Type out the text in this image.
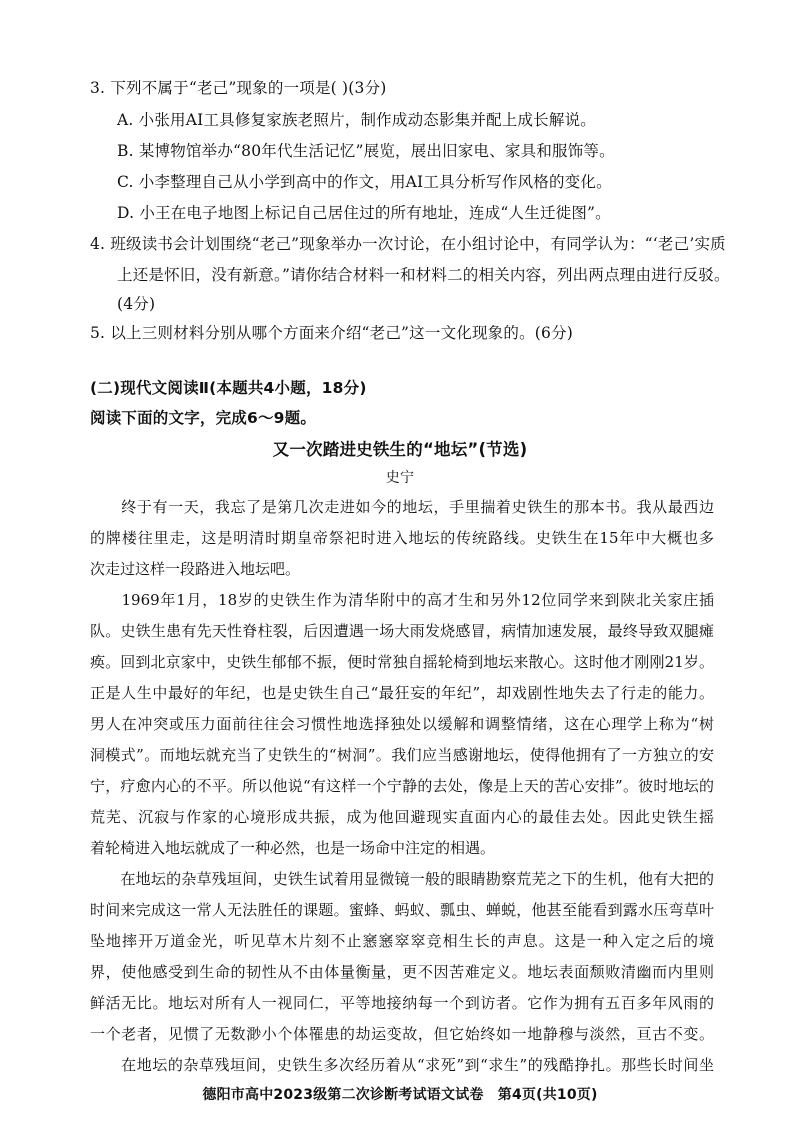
3. 下列不属于“老己”现象的一项是( )(3分)
A. 小张用AI工具修复家族老照片，制作成动态影集并配上成长解说。
B. 某博物馆举办“80年代生活记忆”展览，展出旧家电、家具和服饰等。
C. 小李整理自己从小学到高中的作文，用AI工具分析写作风格的变化。
D. 小王在电子地图上标记自己居住过的所有地址，连成“人生迁徙图”。
4. 班级读书会计划围绕“老己”现象举办一次讨论，在小组讨论中，有同学认为：“‘老己’实质
上还是怀旧，没有新意。”请你结合材料一和材料二的相关内容，列出两点理由进行反驳。
(4分)
5. 以上三则材料分别从哪个方面来介绍“老己”这一文化现象的。(6分)
(二)现代文阅读Ⅱ(本题共4小题，18分)
阅读下面的文字，完成6～9题。
又一次踏进史铁生的“地坛”(节选)
史宁
　　终于有一天，我忘了是第几次走进如今的地坛，手里揣着史铁生的那本书。我从最西边
的牌楼往里走，这是明清时期皇帝祭祀时进入地坛的传统路线。史铁生在15年中大概也多
次走过这样一段路进入地坛吧。
　　1969年1月，18岁的史铁生作为清华附中的高才生和另外12位同学来到陕北关家庄插
队。史铁生患有先天性脊柱裂，后因遭遇一场大雨发烧感冒，病情加速发展，最终导致双腿瘫
痪。回到北京家中，史铁生郁郁不振，便时常独自摇轮椅到地坛来散心。这时他才刚刚21岁。
正是人生中最好的年纪，也是史铁生自己“最狂妄的年纪”，却戏剧性地失去了行走的能力。
男人在冲突或压力面前往往会习惯性地选择独处以缓解和调整情绪，这在心理学上称为“树
洞模式”。而地坛就充当了史铁生的“树洞”。我们应当感谢地坛，使得他拥有了一方独立的安
宁，疗愈内心的不平。所以他说“有这样一个宁静的去处，像是上天的苦心安排”。彼时地坛的
荒芜、沉寂与作家的心境形成共振，成为他回避现实直面内心的最佳去处。因此史铁生摇
着轮椅进入地坛就成了一种必然，也是一场命中注定的相遇。
　　在地坛的杂草残垣间，史铁生试着用显微镜一般的眼睛勘察荒芜之下的生机，他有大把的
时间来完成这一常人无法胜任的课题。蜜蜂、蚂蚁、瓢虫、蝉蜕，他甚至能看到露水压弯草叶
坠地摔开万道金光，听见草木片刻不止窸窸窣窣竞相生长的声息。这是一种入定之后的境
界，使他感受到生命的韧性从不由体量衡量，更不因苦难定义。地坛表面颓败清幽而内里则
鲜活无比。地坛对所有人一视同仁，平等地接纳每一个到访者。它作为拥有五百多年风雨的
一个老者，见惯了无数渺小个体罹患的劫运变故，但它始终如一地静穆与淡然，亘古不变。
　　在地坛的杂草残垣间，史铁生多次经历着从“求死”到“求生”的残酷挣扎。那些长时间坐
德阳市高中2023级第二次诊断考试语文试卷　第4页(共10页)
